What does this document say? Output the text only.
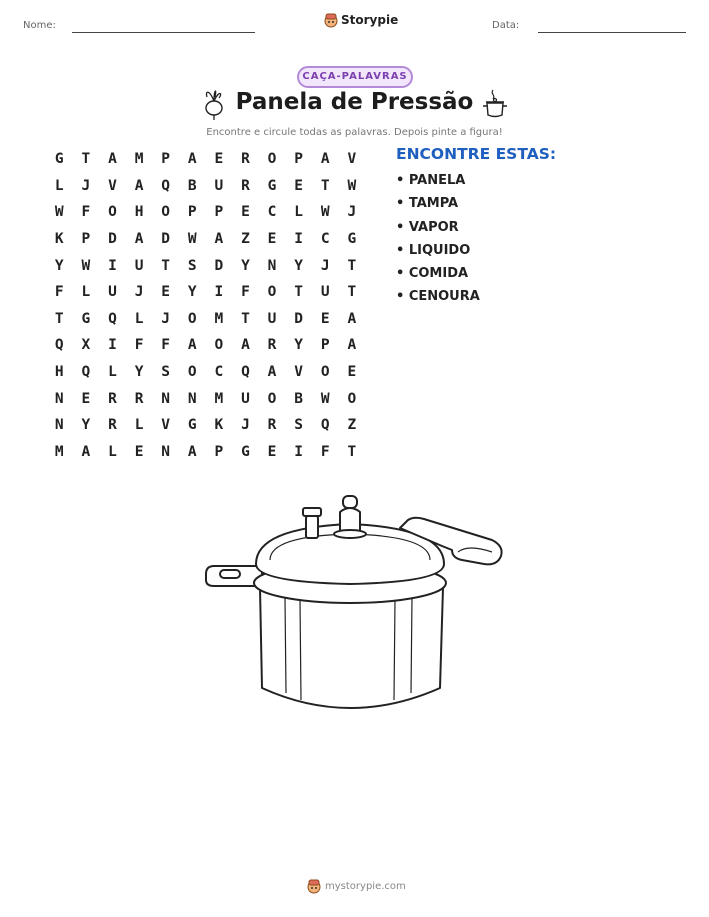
Nome:	Storypie	Data:
CAÇA-PALAVRAS
Panela de Pressão
Encontre e circule todas as palavras. Depois pinte a figura!
G	T	A	M	P	A	E	R	O	P	A	V
L	J	V	A	Q	B	U	R	G	E	T	W
W	F	O	H	O	P	P	E	C	L	W	J
K	P	D	A	D	W	A	Z	E	I	C	G
Y	W	I	U	T	S	D	Y	N	Y	J	T
F	L	U	J	E	Y	I	F	O	T	U	T
T	G	Q	L	J	O	M	T	U	D	E	A
Q	X	I	F	F	A	O	A	R	Y	P	A
H	Q	L	Y	S	O	C	Q	A	V	O	E
N	E	R	R	N	N	M	U	O	B	W	O
N	Y	R	L	V	G	K	J	R	S	Q	Z
M	A	L	E	N	A	P	G	E	I	F	T
ENCONTRE ESTAS:
• PANELA
• TAMPA
• VAPOR
• LIQUIDO
• COMIDA
• CENOURA
mystorypie.com
